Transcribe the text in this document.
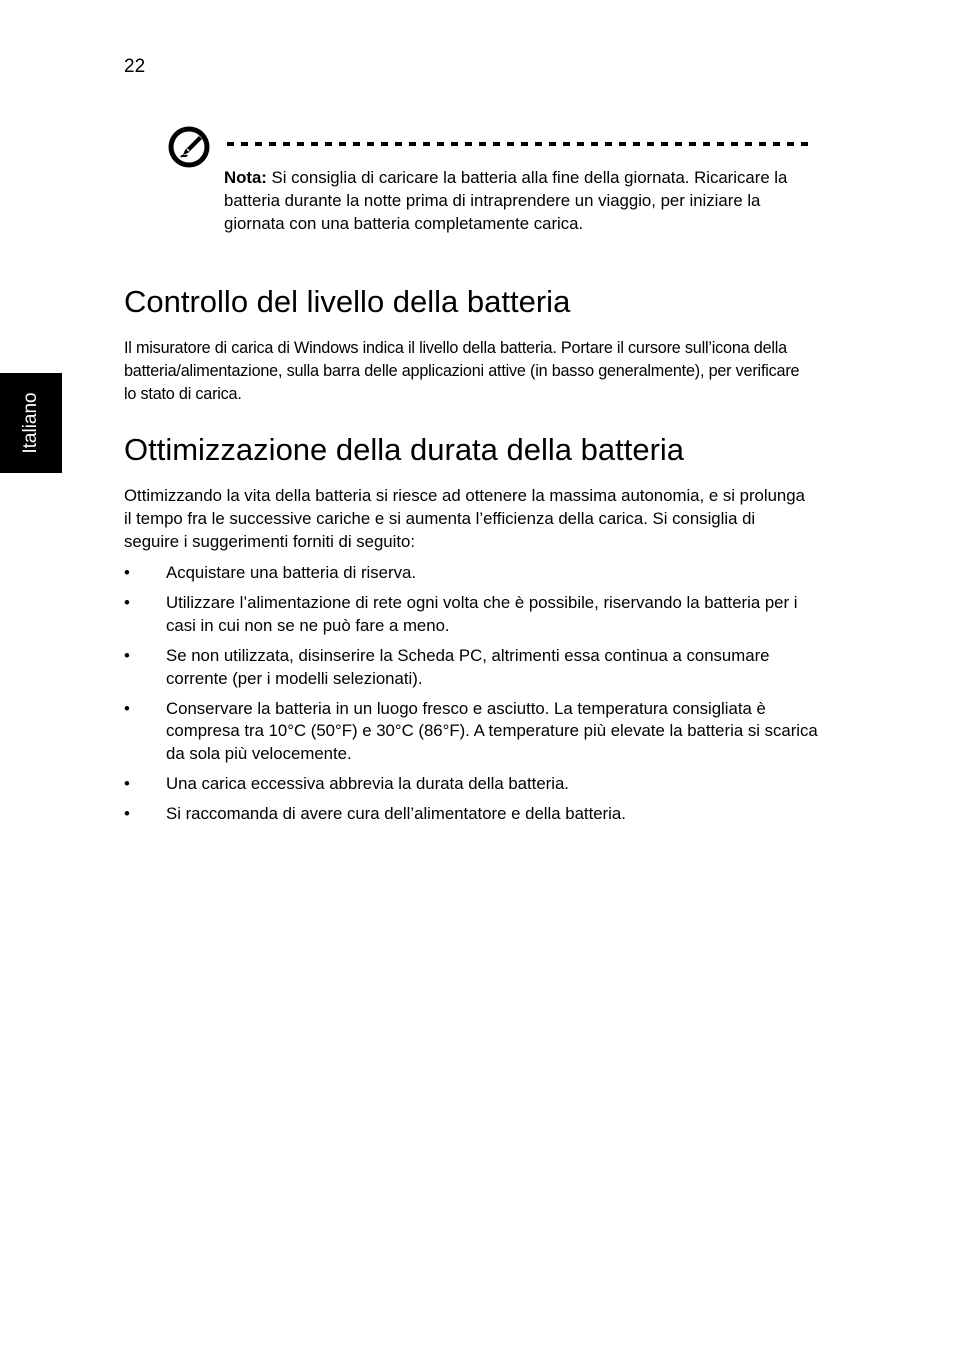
22
Italiano
Nota: Si consiglia di caricare la batteria alla fine della giornata. Ricaricare la batteria durante la notte prima di intraprendere un viaggio, per iniziare la giornata con una batteria completamente carica.
Controllo del livello della batteria

Il misuratore di carica di Windows indica il livello della batteria. Portare il cursore sull’icona della batteria/alimentazione, sulla barra delle applicazioni attive (in basso generalmente), per verificare lo stato di carica.

Ottimizzazione della durata della batteria

Ottimizzando la vita della batteria si riesce ad ottenere la massima autonomia, e si prolunga il tempo fra le successive cariche e si aumenta l’efficienza della carica. Si consiglia di seguire i suggerimenti forniti di seguito:

• Acquistare una batteria di riserva.
• Utilizzare l’alimentazione di rete ogni volta che è possibile, riservando la batteria per i casi in cui non se ne può fare a meno.
• Se non utilizzata, disinserire la Scheda PC, altrimenti essa continua a consumare corrente (per i modelli selezionati).
• Conservare la batteria in un luogo fresco e asciutto. La temperatura consigliata è compresa tra 10°C (50°F) e 30°C (86°F). A temperature più elevate la batteria si scarica da sola più velocemente.
• Una carica eccessiva abbrevia la durata della batteria.
• Si raccomanda di avere cura dell’alimentatore e della batteria.
